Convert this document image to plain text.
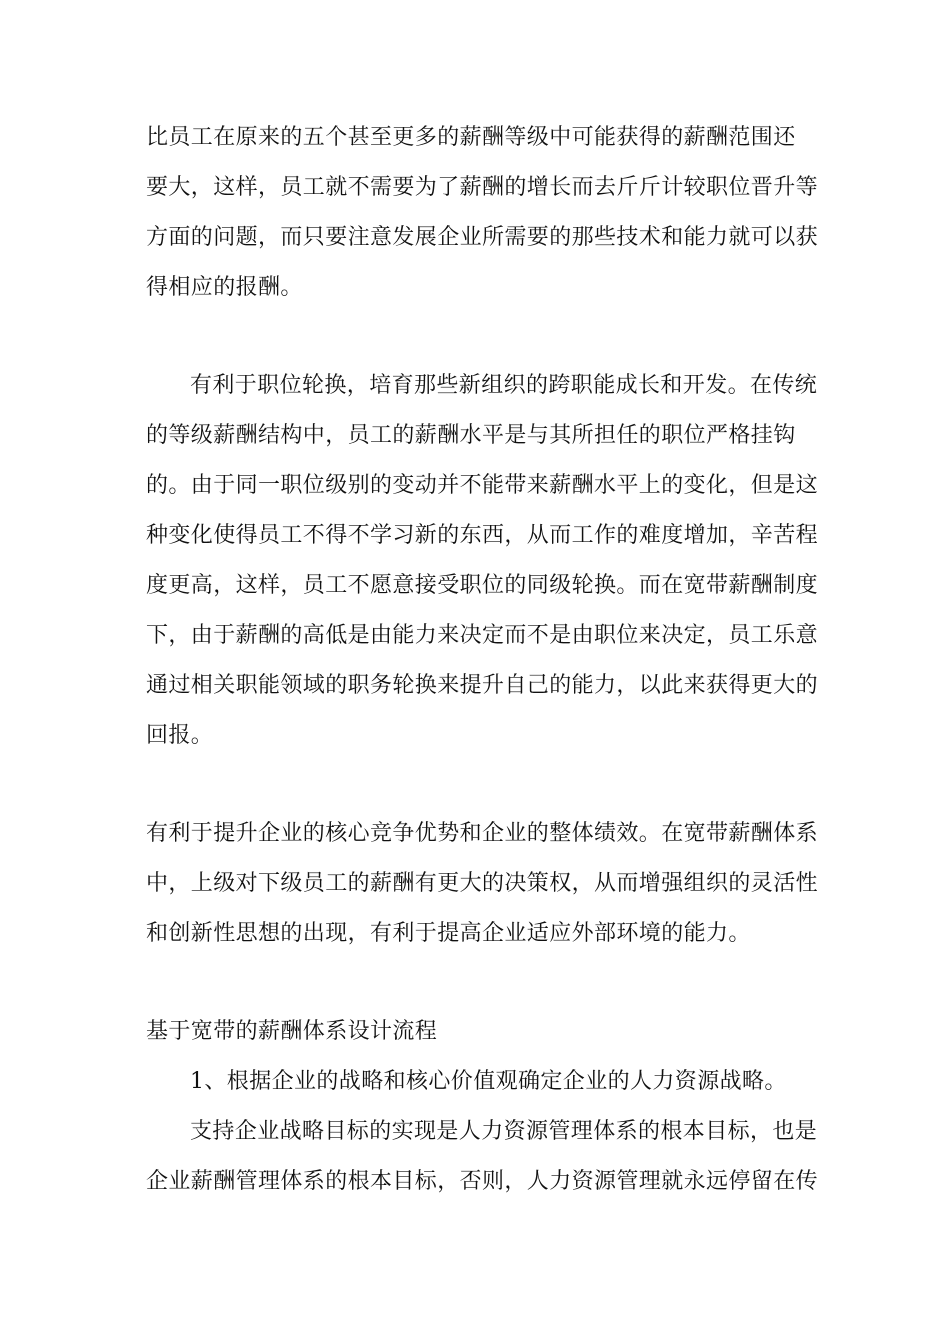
比员工在原来的五个甚至更多的薪酬等级中可能获得的薪酬范围还
要大，这样，员工就不需要为了薪酬的增长而去斤斤计较职位晋升等
方面的问题，而只要注意发展企业所需要的那些技术和能力就可以获
得相应的报酬。
有利于职位轮换，培育那些新组织的跨职能成长和开发。在传统
的等级薪酬结构中，员工的薪酬水平是与其所担任的职位严格挂钩
的。由于同一职位级别的变动并不能带来薪酬水平上的变化，但是这
种变化使得员工不得不学习新的东西，从而工作的难度增加，辛苦程
度更高，这样，员工不愿意接受职位的同级轮换。而在宽带薪酬制度
下，由于薪酬的高低是由能力来决定而不是由职位来决定，员工乐意
通过相关职能领域的职务轮换来提升自己的能力，以此来获得更大的
回报。
有利于提升企业的核心竞争优势和企业的整体绩效。在宽带薪酬体系
中，上级对下级员工的薪酬有更大的决策权，从而增强组织的灵活性
和创新性思想的出现，有利于提高企业适应外部环境的能力。
基于宽带的薪酬体系设计流程
1、根据企业的战略和核心价值观确定企业的人力资源战略。
支持企业战略目标的实现是人力资源管理体系的根本目标，也是
企业薪酬管理体系的根本目标，否则，人力资源管理就永远停留在传
